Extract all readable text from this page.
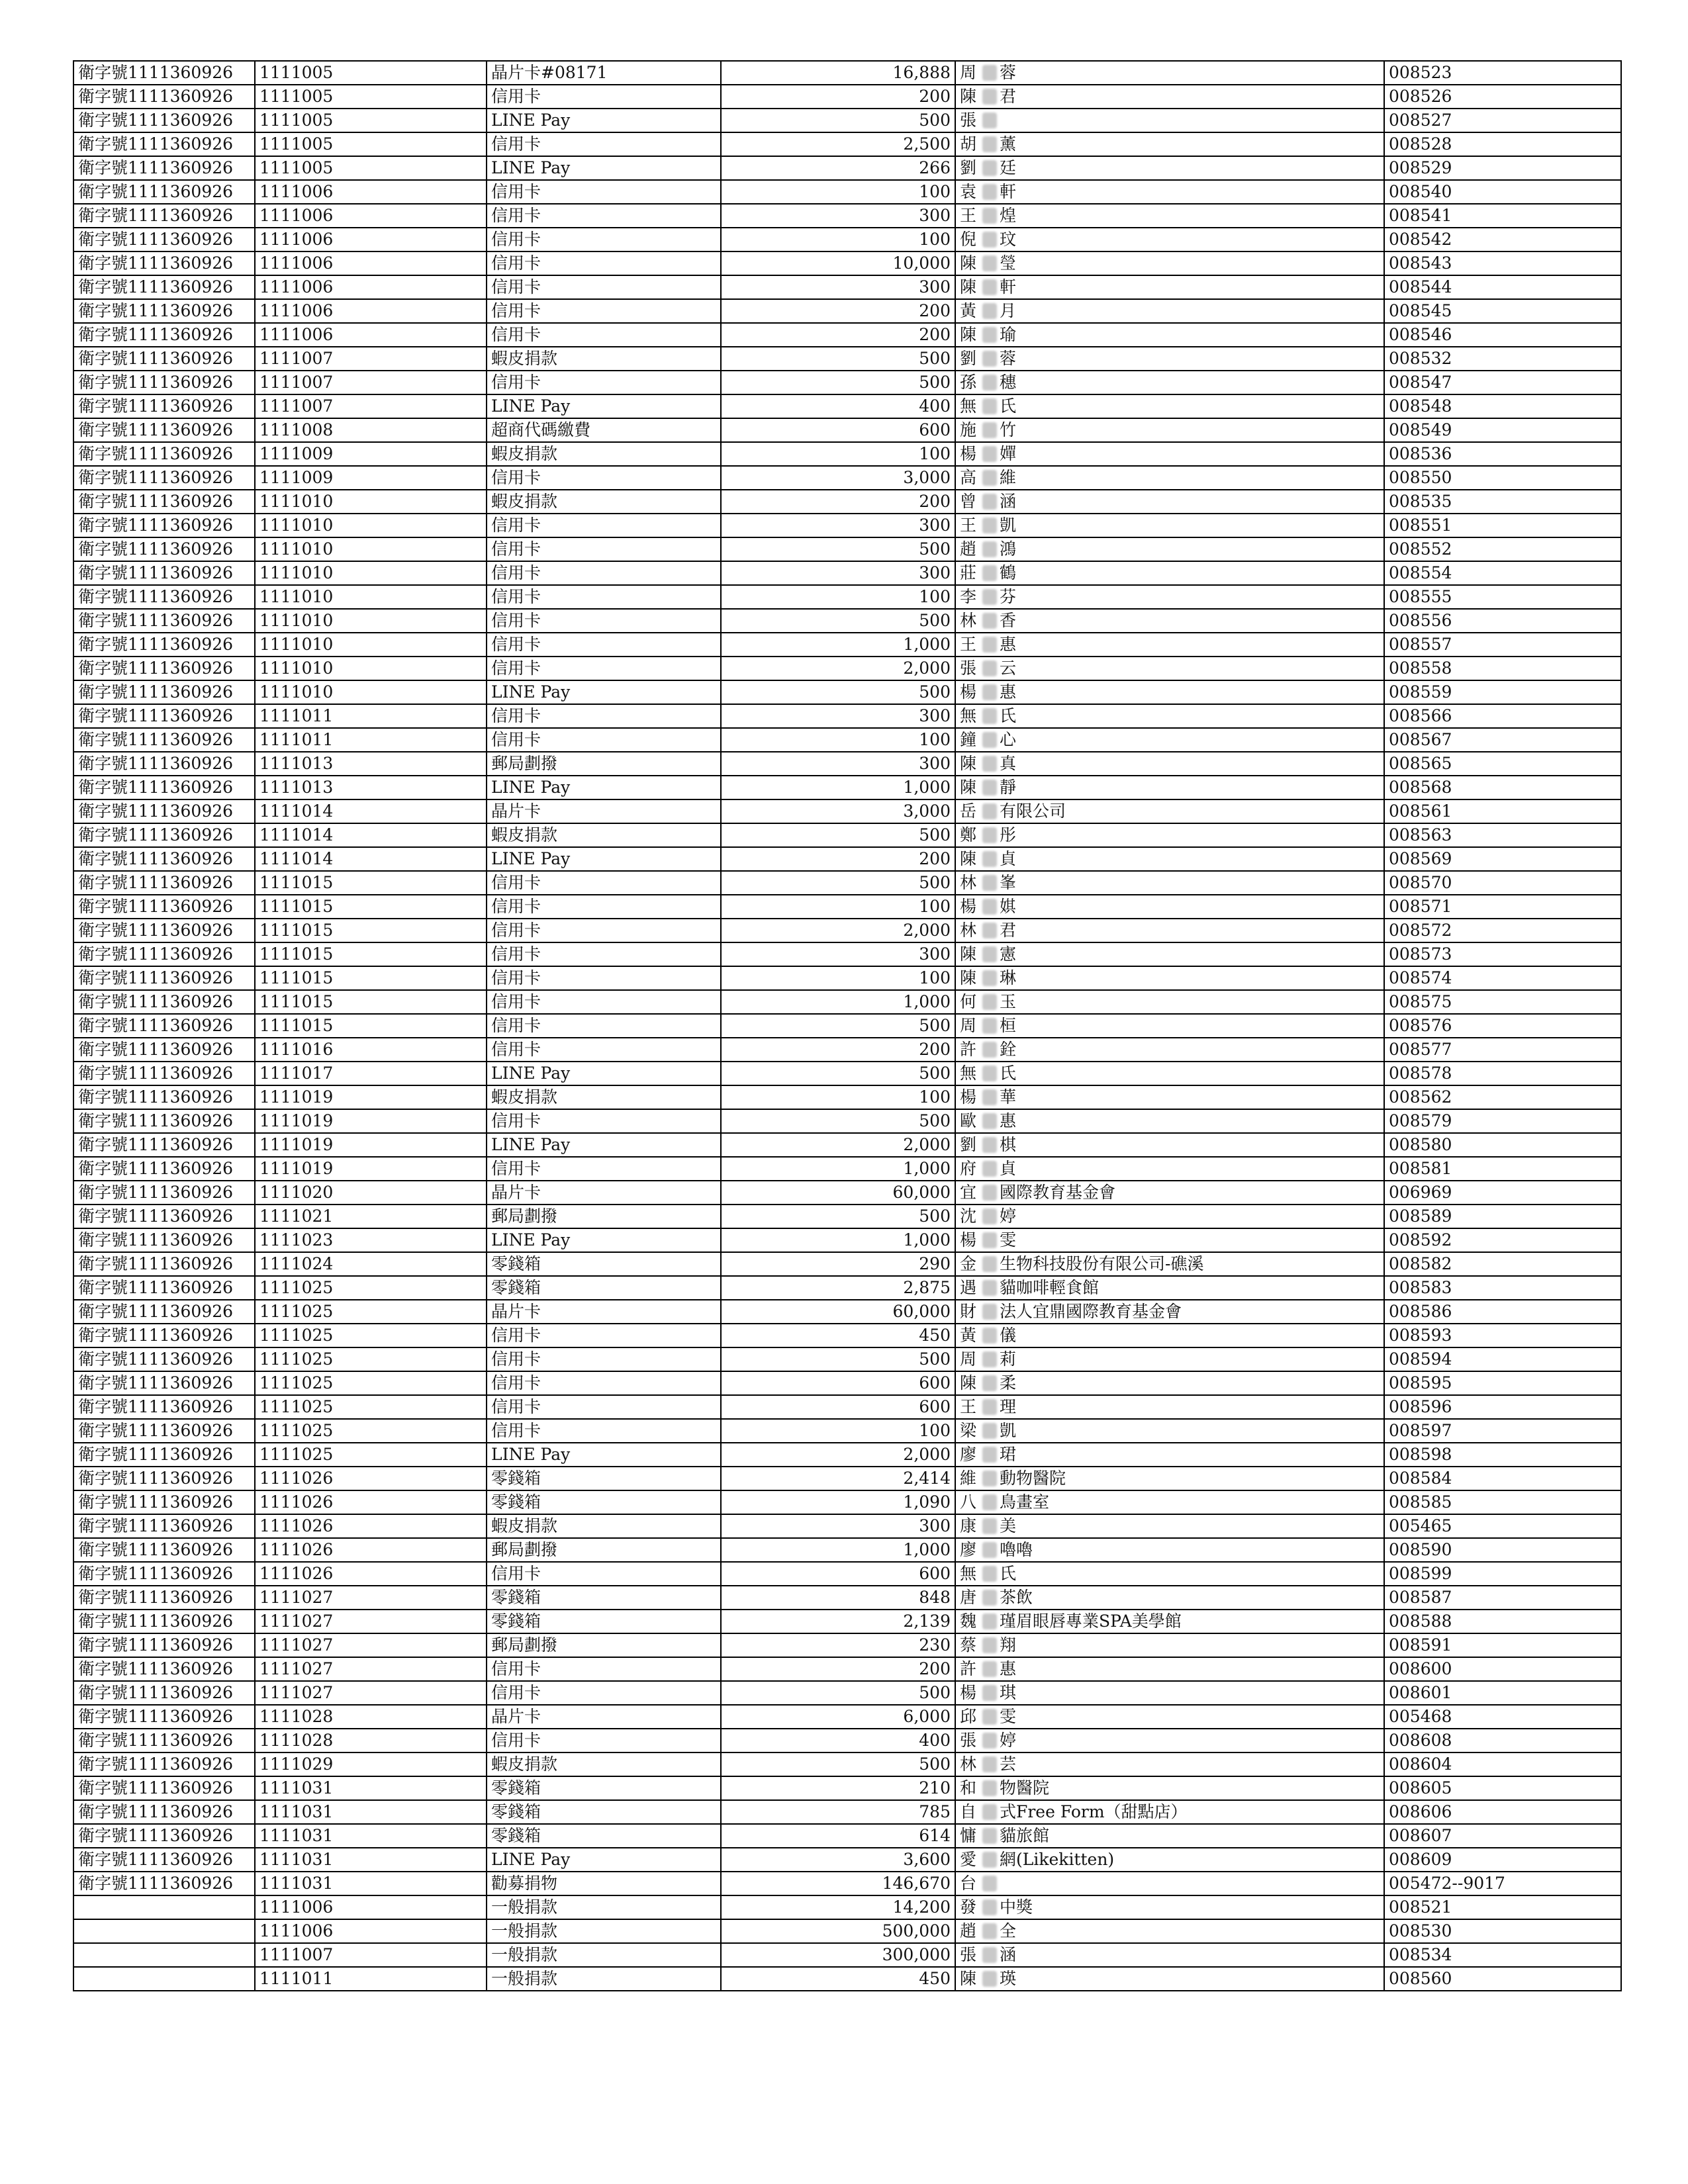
衛字號1111360926	1111005	晶片卡#08171	16,888	周 蓉	008523
衛字號1111360926	1111005	信用卡	200	陳 君	008526
衛字號1111360926	1111005	LINE Pay	500	張	008527
衛字號1111360926	1111005	信用卡	2,500	胡 薰	008528
衛字號1111360926	1111005	LINE Pay	266	劉 廷	008529
衛字號1111360926	1111006	信用卡	100	袁 軒	008540
衛字號1111360926	1111006	信用卡	300	王 煌	008541
衛字號1111360926	1111006	信用卡	100	倪 玟	008542
衛字號1111360926	1111006	信用卡	10,000	陳 瑩	008543
衛字號1111360926	1111006	信用卡	300	陳 軒	008544
衛字號1111360926	1111006	信用卡	200	黃 月	008545
衛字號1111360926	1111006	信用卡	200	陳 瑜	008546
衛字號1111360926	1111007	蝦皮捐款	500	劉 蓉	008532
衛字號1111360926	1111007	信用卡	500	孫 穗	008547
衛字號1111360926	1111007	LINE Pay	400	無 氏	008548
衛字號1111360926	1111008	超商代碼繳費	600	施 竹	008549
衛字號1111360926	1111009	蝦皮捐款	100	楊 嬋	008536
衛字號1111360926	1111009	信用卡	3,000	高 維	008550
衛字號1111360926	1111010	蝦皮捐款	200	曾 涵	008535
衛字號1111360926	1111010	信用卡	300	王 凱	008551
衛字號1111360926	1111010	信用卡	500	趙 鴻	008552
衛字號1111360926	1111010	信用卡	300	莊 鶴	008554
衛字號1111360926	1111010	信用卡	100	李 芬	008555
衛字號1111360926	1111010	信用卡	500	林 香	008556
衛字號1111360926	1111010	信用卡	1,000	王 惠	008557
衛字號1111360926	1111010	信用卡	2,000	張 云	008558
衛字號1111360926	1111010	LINE Pay	500	楊 惠	008559
衛字號1111360926	1111011	信用卡	300	無 氏	008566
衛字號1111360926	1111011	信用卡	100	鐘 心	008567
衛字號1111360926	1111013	郵局劃撥	300	陳 真	008565
衛字號1111360926	1111013	LINE Pay	1,000	陳 靜	008568
衛字號1111360926	1111014	晶片卡	3,000	岳 有限公司	008561
衛字號1111360926	1111014	蝦皮捐款	500	鄭 彤	008563
衛字號1111360926	1111014	LINE Pay	200	陳 貞	008569
衛字號1111360926	1111015	信用卡	500	林 峯	008570
衛字號1111360926	1111015	信用卡	100	楊 娸	008571
衛字號1111360926	1111015	信用卡	2,000	林 君	008572
衛字號1111360926	1111015	信用卡	300	陳 憲	008573
衛字號1111360926	1111015	信用卡	100	陳 琳	008574
衛字號1111360926	1111015	信用卡	1,000	何 玉	008575
衛字號1111360926	1111015	信用卡	500	周 桓	008576
衛字號1111360926	1111016	信用卡	200	許 銓	008577
衛字號1111360926	1111017	LINE Pay	500	無 氏	008578
衛字號1111360926	1111019	蝦皮捐款	100	楊 華	008562
衛字號1111360926	1111019	信用卡	500	歐 惠	008579
衛字號1111360926	1111019	LINE Pay	2,000	劉 棋	008580
衛字號1111360926	1111019	信用卡	1,000	府 貞	008581
衛字號1111360926	1111020	晶片卡	60,000	宜 國際教育基金會	006969
衛字號1111360926	1111021	郵局劃撥	500	沈 婷	008589
衛字號1111360926	1111023	LINE Pay	1,000	楊 雯	008592
衛字號1111360926	1111024	零錢箱	290	金 生物科技股份有限公司-礁溪	008582
衛字號1111360926	1111025	零錢箱	2,875	遇 貓咖啡輕食館	008583
衛字號1111360926	1111025	晶片卡	60,000	財 法人宜鼎國際教育基金會	008586
衛字號1111360926	1111025	信用卡	450	黃 儀	008593
衛字號1111360926	1111025	信用卡	500	周 莉	008594
衛字號1111360926	1111025	信用卡	600	陳 柔	008595
衛字號1111360926	1111025	信用卡	600	王 理	008596
衛字號1111360926	1111025	信用卡	100	梁 凱	008597
衛字號1111360926	1111025	LINE Pay	2,000	廖 珺	008598
衛字號1111360926	1111026	零錢箱	2,414	維 動物醫院	008584
衛字號1111360926	1111026	零錢箱	1,090	八 鳥畫室	008585
衛字號1111360926	1111026	蝦皮捐款	300	康 美	005465
衛字號1111360926	1111026	郵局劃撥	1,000	廖 嚕嚕	008590
衛字號1111360926	1111026	信用卡	600	無 氏	008599
衛字號1111360926	1111027	零錢箱	848	唐 茶飲	008587
衛字號1111360926	1111027	零錢箱	2,139	魏 瑾眉眼唇專業SPA美學館	008588
衛字號1111360926	1111027	郵局劃撥	230	蔡 翔	008591
衛字號1111360926	1111027	信用卡	200	許 惠	008600
衛字號1111360926	1111027	信用卡	500	楊 琪	008601
衛字號1111360926	1111028	晶片卡	6,000	邱 雯	005468
衛字號1111360926	1111028	信用卡	400	張 婷	008608
衛字號1111360926	1111029	蝦皮捐款	500	林 芸	008604
衛字號1111360926	1111031	零錢箱	210	和 物醫院	008605
衛字號1111360926	1111031	零錢箱	785	自 式Free Form（甜點店）	008606
衛字號1111360926	1111031	零錢箱	614	慵 貓旅館	008607
衛字號1111360926	1111031	LINE Pay	3,600	愛 網(Likekitten)	008609
衛字號1111360926	1111031	勸募捐物	146,670	台	005472--9017
	1111006	一般捐款	14,200	發 中獎	008521
	1111006	一般捐款	500,000	趙 全	008530
	1111007	一般捐款	300,000	張 涵	008534
	1111011	一般捐款	450	陳 瑛	008560
